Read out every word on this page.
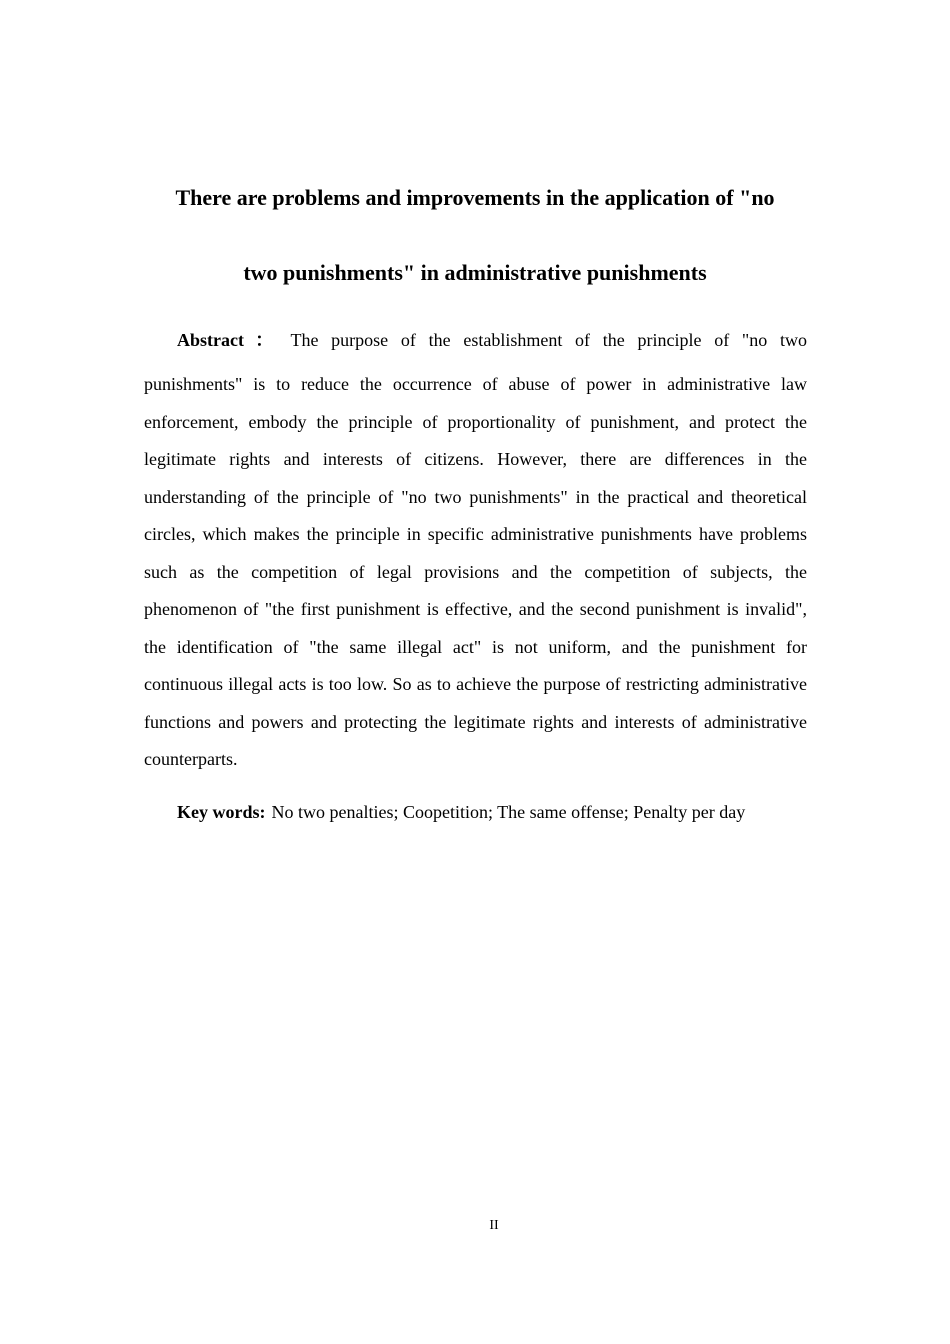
There are problems and improvements in the application of "no
two punishments" in administrative punishments

Abstract ： The purpose of the establishment of the principle of "no two

punishments" is to reduce the occurrence of abuse of power in administrative law enforcement, embody the principle of proportionality of punishment, and protect the legitimate rights and interests of citizens. However, there are differences in the understanding of the principle of "no two punishments" in the practical and theoretical circles, which makes the principle in specific administrative punishments have problems such as the competition of legal provisions and the competition of subjects, the phenomenon of "the first punishment is effective, and the second punishment is invalid", the identification of "the same illegal act" is not uniform, and the punishment for continuous illegal acts is too low. So as to achieve the purpose of restricting administrative functions and powers and protecting the legitimate rights and interests of administrative counterparts.

Key words: No two penalties; Coopetition; The same offense; Penalty per day

II
